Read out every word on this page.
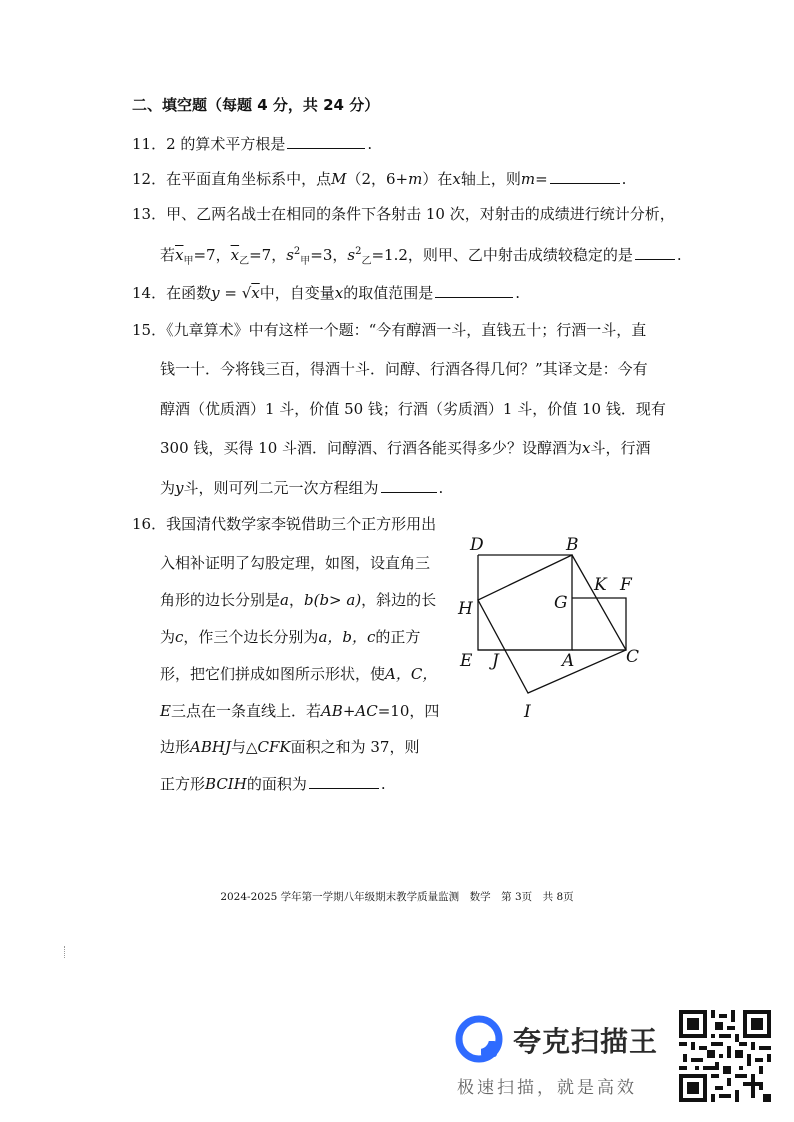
二、填空题（每题 4 分，共 24 分）
11．2 的算术平方根是	.
12．在平面直角坐标系中，点M（2，6+m）在x轴上，则m=	.
13．甲、乙两名战士在相同的条件下各射击 10 次，对射击的成绩进行统计分析，
若$\overline{x}_甲=7$，$\overline{x}_乙=7$，$s^2_甲=3$，$s^2_乙=1.2$，则甲、乙中射击成绩较稳定的是	.
14．在函数y = √x中，自变量x的取值范围是	.
15．《九章算术》中有这样一个题：“今有醇酒一斗，直钱五十；行酒一斗，直
钱一十．今将钱三百，得酒十斗．问醇、行酒各得几何？”其译文是：今有
醇酒（优质酒）1 斗，价值 50 钱；行酒（劣质酒）1 斗，价值 10 钱．现有
300 钱，买得 10 斗酒．问醇酒、行酒各能买得多少？设醇酒为x斗，行酒
为y斗，则可列二元一次方程组为	.
16．我国清代数学家李锐借助三个正方形用出
入相补证明了勾股定理，如图，设直角三
角形的边长分别是a，b(b> a)，斜边的长
为c，作三个边长分别为a，b，c的正方
形，把它们拼成如图所示形状，使A，C，
E三点在一条直线上．若AB+AC=10，四
边形ABHJ与△CFK面积之和为 37，则
正方形BCIH的面积为	.
D	B
K F
G
H
E J	A	C
I
2024-2025 学年第一学期八年级期末教学质量监测　数学　第 3页　共 8页
夸克扫描王
极速扫描，就是高效
